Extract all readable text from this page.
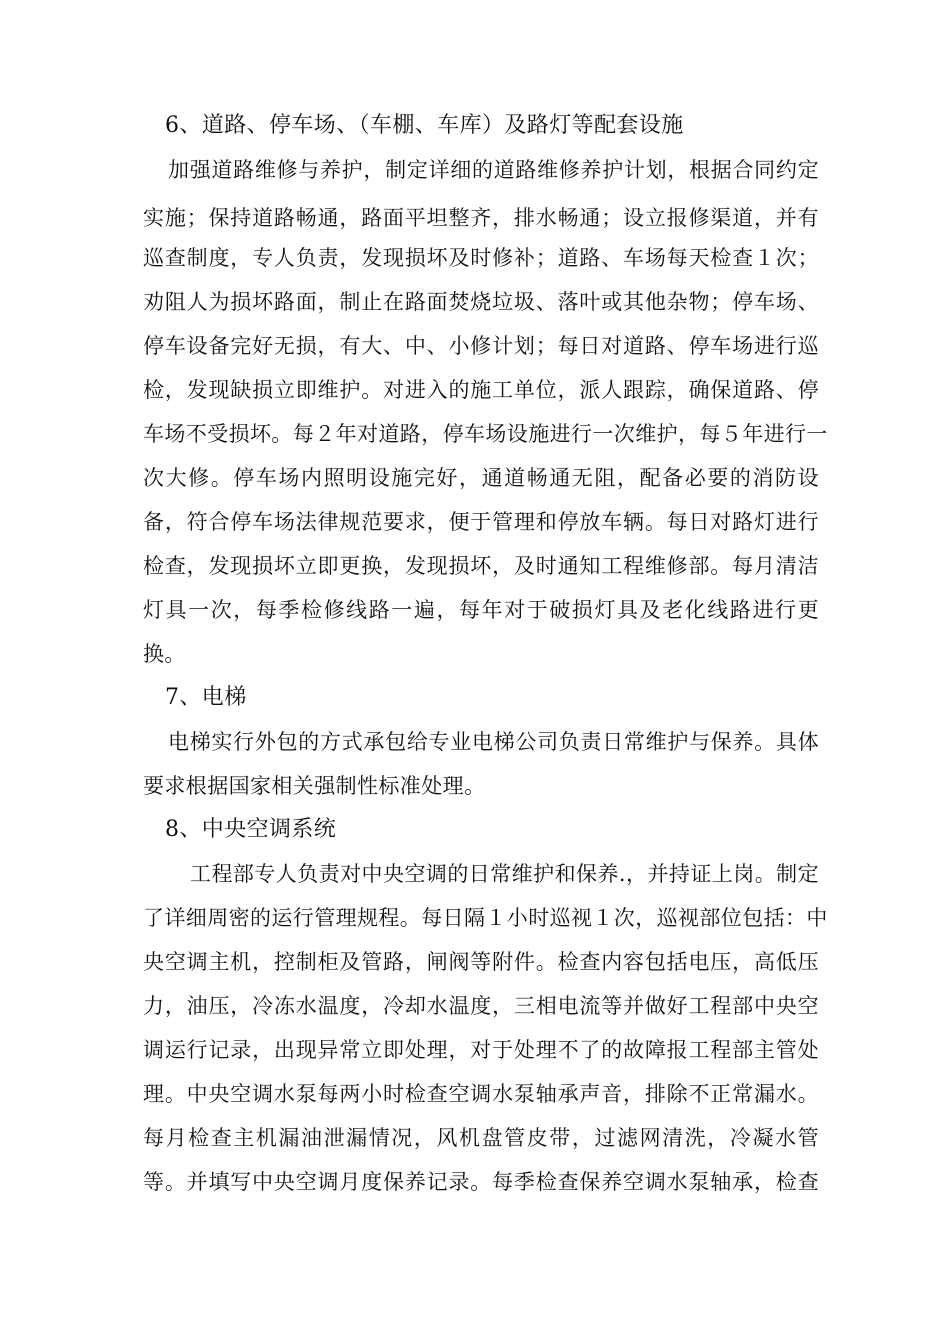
6、道路、停车场、（车棚、车库）及路灯等配套设施
加强道路维修与养护，制定详细的道路维修养护计划，根据合同约定
实施；保持道路畅通，路面平坦整齐，排水畅通；设立报修渠道，并有
巡查制度，专人负责，发现损坏及时修补；道路、车场每天检查１次；
劝阻人为损坏路面，制止在路面焚烧垃圾、落叶或其他杂物；停车场、
停车设备完好无损，有大、中、小修计划；每日对道路、停车场进行巡
检，发现缺损立即维护。对进入的施工单位，派人跟踪，确保道路、停
车场不受损坏。每２年对道路，停车场设施进行一次维护，每５年进行一
次大修。停车场内照明设施完好，通道畅通无阻，配备必要的消防设
备，符合停车场法律规范要求，便于管理和停放车辆。每日对路灯进行
检查，发现损坏立即更换，发现损坏，及时通知工程维修部。每月清洁
灯具一次，每季检修线路一遍，每年对于破损灯具及老化线路进行更
换。
7、电梯
电梯实行外包的方式承包给专业电梯公司负责日常维护与保养。具体
要求根据国家相关强制性标准处理。
8、中央空调系统
工程部专人负责对中央空调的日常维护和保养.，并持证上岗。制定
了详细周密的运行管理规程。每日隔１小时巡视１次，巡视部位包括：中
央空调主机，控制柜及管路，闸阀等附件。检查内容包括电压，高低压
力，油压，冷冻水温度，冷却水温度，三相电流等并做好工程部中央空
调运行记录，出现异常立即处理，对于处理不了的故障报工程部主管处
理。中央空调水泵每两小时检查空调水泵轴承声音，排除不正常漏水。
每月检查主机漏油泄漏情况，风机盘管皮带，过滤网清洗，冷凝水管
等。并填写中央空调月度保养记录。每季检查保养空调水泵轴承，检查
